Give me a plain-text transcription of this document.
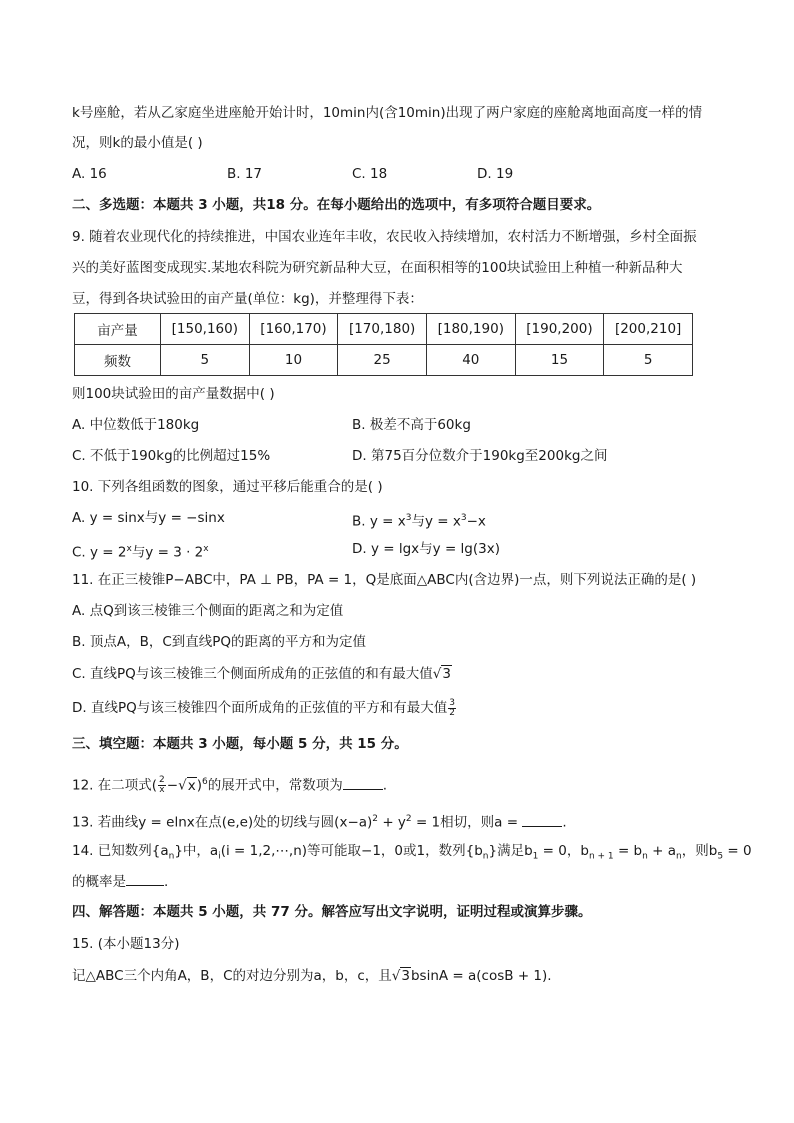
k号座舱，若从乙家庭坐进座舱开始计时，10min内(含10min)出现了两户家庭的座舱离地面高度一样的情
况，则k的最小值是( )
A. 16	B. 17	C. 18	D. 19
二、多选题：本题共 3 小题，共18 分。在每小题给出的选项中，有多项符合题目要求。
9. 随着农业现代化的持续推进，中国农业连年丰收，农民收入持续增加，农村活力不断增强，乡村全面振
兴的美好蓝图变成现实.某地农科院为研究新品种大豆，在面积相等的100块试验田上种植一种新品种大
豆，得到各块试验田的亩产量(单位：kg)，并整理得下表：
亩产量	[150,160)	[160,170)	[170,180)	[180,190)	[190,200)	[200,210]
频数	5	10	25	40	15	5
则100块试验田的亩产量数据中( )
A. 中位数低于180kg	B. 极差不高于60kg
C. 不低于190kg的比例超过15%	D. 第75百分位数介于190kg至200kg之间
10. 下列各组函数的图象，通过平移后能重合的是( )
A. y = sinx与y = −sinx	B. $y = x^3$与$y = x^3-x$
C. $y = 2^x$与$y = 3 \cdot 2^x$	D. y = lgx与y = lg(3x)
11. 在正三棱锥P−ABC中，PA ⊥ PB，PA = 1，Q是底面△ABC内(含边界)一点，则下列说法正确的是( )
A. 点Q到该三棱锥三个侧面的距离之和为定值
B. 顶点A，B，C到直线PQ的距离的平方和为定值
C. 直线PQ与该三棱锥三个侧面所成角的正弦值的和有最大值√3
D. 直线PQ与该三棱锥四个面所成角的正弦值的平方和有最大值 $\frac{3}{2}$
三、填空题：本题共 3 小题，每小题 5 分，共 15 分。
12. 在二项式( $\frac{2}{x} -√x)^6$的展开式中，常数项为	.
13. 若曲线y = elnx在点(e,e)处的切线与圆$(x-a)^2 + y^2 = 1$相切，则a =	.
14. 已知数列$\{a_n\}$中，$a_i(i$ = 1,2,⋯,n)等可能取−1，0或1，数列$\{b_n\}$满足$b_1 = 0$，$b_{n + 1} = b_n + a_n$，则$b_5 = 0$
的概率是	.
四、解答题：本题共 5 小题，共 77 分。解答应写出文字说明，证明过程或演算步骤。
15. (本小题13分)
记△ABC三个内角A，B，C的对边分别为a，b，c，且√3bsinA = a(cosB + 1).
